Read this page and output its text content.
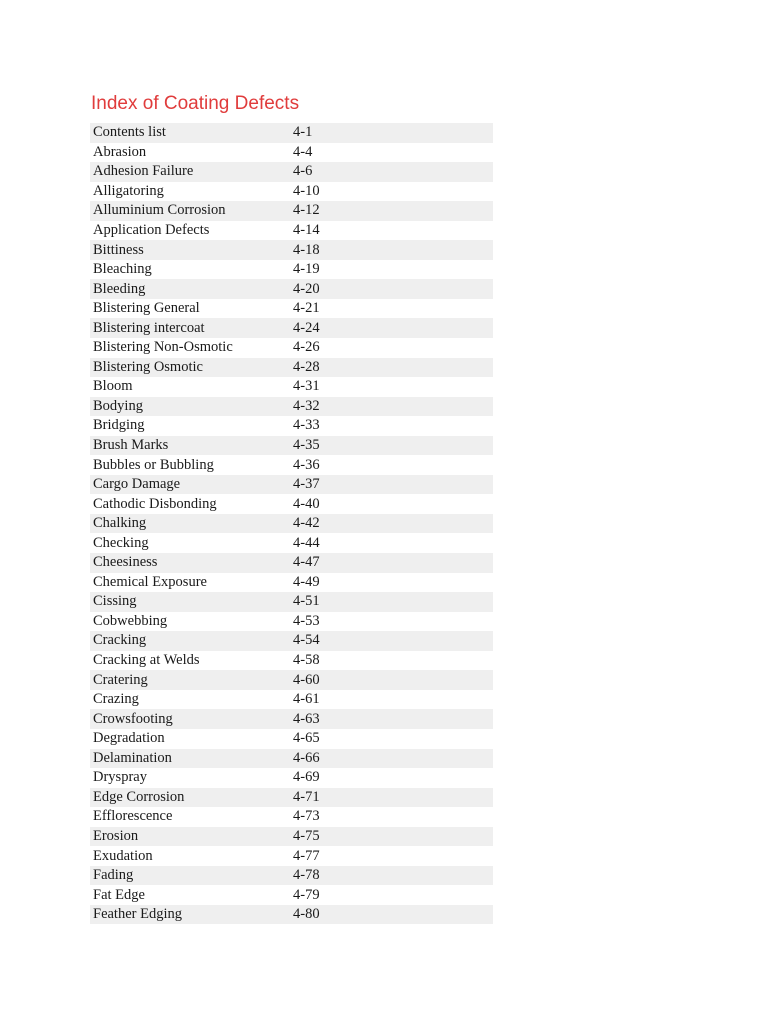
Index of Coating Defects
Contents list	4-1
Abrasion	4-4
Adhesion Failure	4-6
Alligatoring	4-10
Alluminium Corrosion	4-12
Application Defects	4-14
Bittiness	4-18
Bleaching	4-19
Bleeding	4-20
Blistering General	4-21
Blistering intercoat	4-24
Blistering Non-Osmotic	4-26
Blistering Osmotic	4-28
Bloom	4-31
Bodying	4-32
Bridging	4-33
Brush Marks	4-35
Bubbles or Bubbling	4-36
Cargo Damage	4-37
Cathodic Disbonding	4-40
Chalking	4-42
Checking	4-44
Cheesiness	4-47
Chemical Exposure	4-49
Cissing	4-51
Cobwebbing	4-53
Cracking	4-54
Cracking at Welds	4-58
Cratering	4-60
Crazing	4-61
Crowsfooting	4-63
Degradation	4-65
Delamination	4-66
Dryspray	4-69
Edge Corrosion	4-71
Efflorescence	4-73
Erosion	4-75
Exudation	4-77
Fading	4-78
Fat Edge	4-79
Feather Edging	4-80
